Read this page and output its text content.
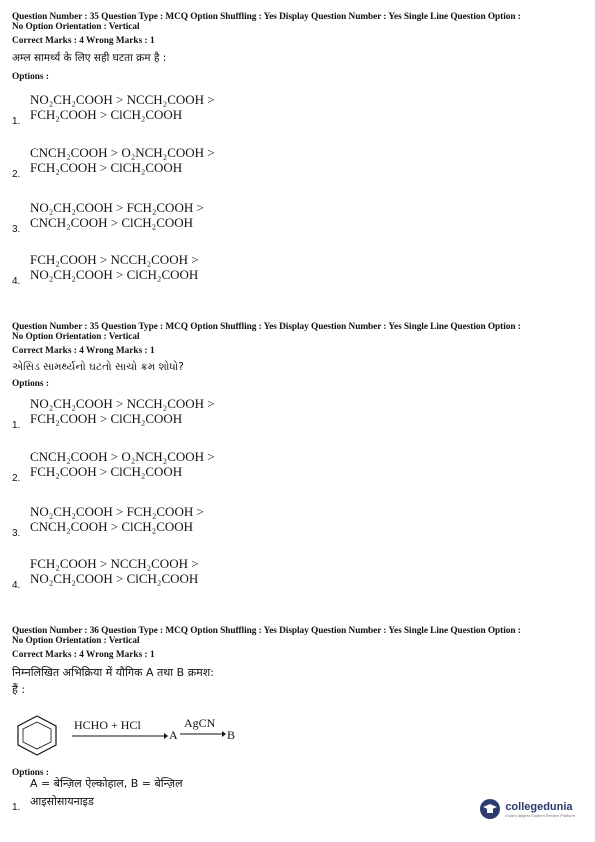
Question Number : 35 Question Type : MCQ Option Shuffling : Yes Display Question Number : Yes Single Line Question Option :
No Option Orientation : Vertical
Correct Marks : 4 Wrong Marks : 1
अम्ल सामर्थ्य के लिए सही घटता क्रम है :
Options :
NO₂CH₂COOH > NCCH₂COOH >
FCH₂COOH > ClCH₂COOH
1.
CNCH₂COOH > O₂NCH₂COOH >
FCH₂COOH > ClCH₂COOH
2.
NO₂CH₂COOH > FCH₂COOH >
CNCH₂COOH > ClCH₂COOH
3.
FCH₂COOH > NCCH₂COOH >
NO₂CH₂COOH > ClCH₂COOH
4.
Question Number : 35 Question Type : MCQ Option Shuffling : Yes Display Question Number : Yes Single Line Question Option :
No Option Orientation : Vertical
Correct Marks : 4 Wrong Marks : 1
એસિડ સામર્થ્યનો ઘટતો સાચો ક્રમ શોધો?
Options :
NO₂CH₂COOH > NCCH₂COOH >
FCH₂COOH > ClCH₂COOH
1.
CNCH₂COOH > O₂NCH₂COOH >
FCH₂COOH > ClCH₂COOH
2.
NO₂CH₂COOH > FCH₂COOH >
CNCH₂COOH > ClCH₂COOH
3.
FCH₂COOH > NCCH₂COOH >
NO₂CH₂COOH > ClCH₂COOH
4.
Question Number : 36 Question Type : MCQ Option Shuffling : Yes Display Question Number : Yes Single Line Question Option :
No Option Orientation : Vertical
Correct Marks : 4 Wrong Marks : 1
निम्नलिखित अभिक्रिया में यौगिक A तथा B क्रमश:
हैं :
HCHO + HCl
A
AgCN
→ B
Options :
A = बेन्ज़िल ऐल्कोहाल, B = बेन्ज़िल
आइसोसायनाइड
1.	collegedunia
India's largest Student Review Platform
